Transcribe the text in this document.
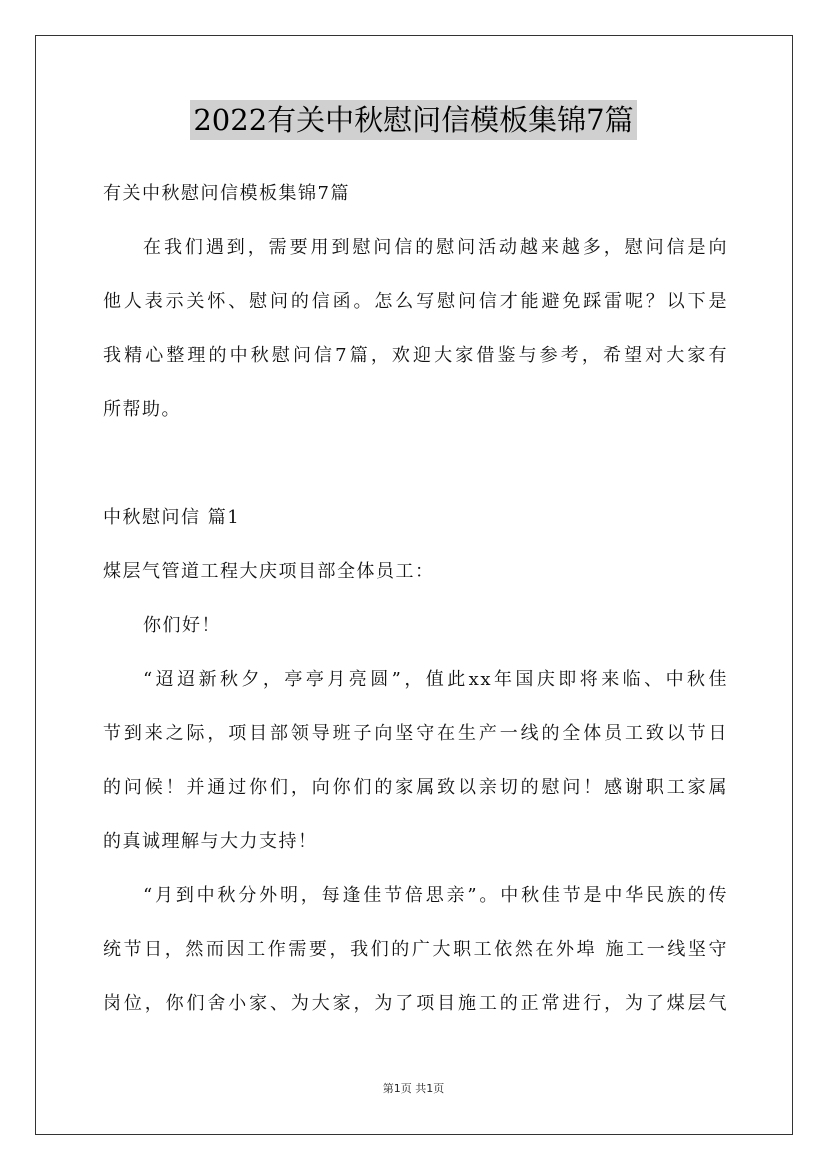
2022有关中秋慰问信模板集锦7篇
有关中秋慰问信模板集锦7篇
在我们遇到，需要用到慰问信的慰问活动越来越多，慰问信是向
他人表示关怀、慰问的信函。怎么写慰问信才能避免踩雷呢？以下是
我精心整理的中秋慰问信7篇，欢迎大家借鉴与参考，希望对大家有
所帮助。
中秋慰问信 篇1
煤层气管道工程大庆项目部全体员工：
你们好！
“迢迢新秋夕，亭亭月亮圆”，值此xx年国庆即将来临、中秋佳
节到来之际，项目部领导班子向坚守在生产一线的全体员工致以节日
的问候！并通过你们，向你们的家属致以亲切的慰问！感谢职工家属
的真诚理解与大力支持！
“月到中秋分外明，每逢佳节倍思亲”。中秋佳节是中华民族的传
统节日，然而因工作需要，我们的广大职工依然在外埠 施工一线坚守
岗位，你们舍小家、为大家，为了项目施工的正常进行，为了煤层气
第1页 共1页
